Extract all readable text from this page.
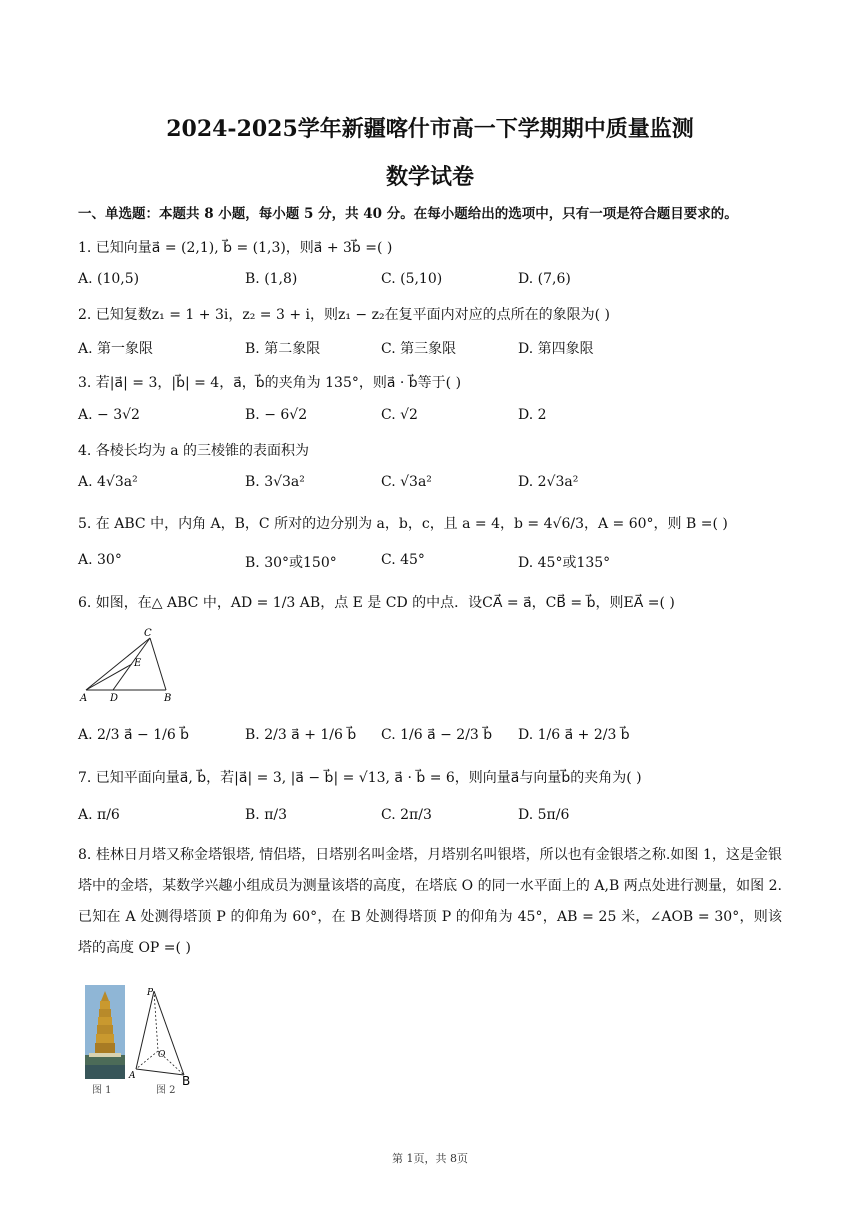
2024-2025学年新疆喀什市高一下学期期中质量监测
数学试卷
一、单选题：本题共 8 小题，每小题 5 分，共 40 分。在每小题给出的选项中，只有一项是符合题目要求的。
1. 已知向量a⃗ = (2,1), b⃗ = (1,3)，则a⃗ + 3b⃗ =( )
A. (10,5)	B. (1,8)	C. (5,10)	D. (7,6)
2. 已知复数z₁ = 1 + 3i，z₂ = 3 + i，则z₁ − z₂在复平面内对应的点所在的象限为( )
A. 第一象限	B. 第二象限	C. 第三象限	D. 第四象限
3. 若|a⃗| = 3，|b⃗| = 4，a⃗，b⃗的夹角为 135°，则a⃗ · b⃗等于( )
A. − 3√2	B. − 6√2	C. √2	D. 2
4. 各棱长均为 a 的三棱锥的表面积为
A. 4√3a²	B. 3√3a²	C. √3a²	D. 2√3a²
5. 在 ABC 中，内角 A，B，C 所对的边分别为 a，b，c，且 a = 4，b = 4√6/3，A = 60°，则 B =( )
A. 30°	B. 30°或150°	C. 45°	D. 45°或135°
6. 如图，在△ ABC 中，AD = 1/3 AB，点 E 是 CD 的中点．设CA⃗ = a⃗，CB⃗ = b⃗，则EA⃗ =( )
A	B
C
D
E
A. 2/3 a⃗ − 1/6 b⃗	B. 2/3 a⃗ + 1/6 b⃗ C. 1/6 a⃗ − 2/3 b⃗ D. 1/6 a⃗ + 2/3 b⃗
7. 已知平面向量a⃗, b⃗，若|a⃗| = 3, |a⃗ − b⃗| = √13, a⃗ · b⃗ = 6，则向量a⃗与向量b⃗的夹角为( )
A. π/6	B. π/3	C. 2π/3	D. 5π/6
8. 桂林日月塔又称金塔银塔, 情侣塔，日塔别名叫金塔，月塔别名叫银塔，所以也有金银塔之称.如图 1，这是金银塔中的金塔，某数学兴趣小组成员为测量该塔的高度，在塔底 O 的同一水平面上的 A,B 两点处进行测量，如图 2.已知在 A 处测得塔顶 P 的仰角为 60°，在 B 处测得塔顶 P 的仰角为 45°，AB = 25 米，∠AOB = 30°，则该塔的高度 OP =( )
P
O
A	B
图 1	图 2
第 1页，共 8页
